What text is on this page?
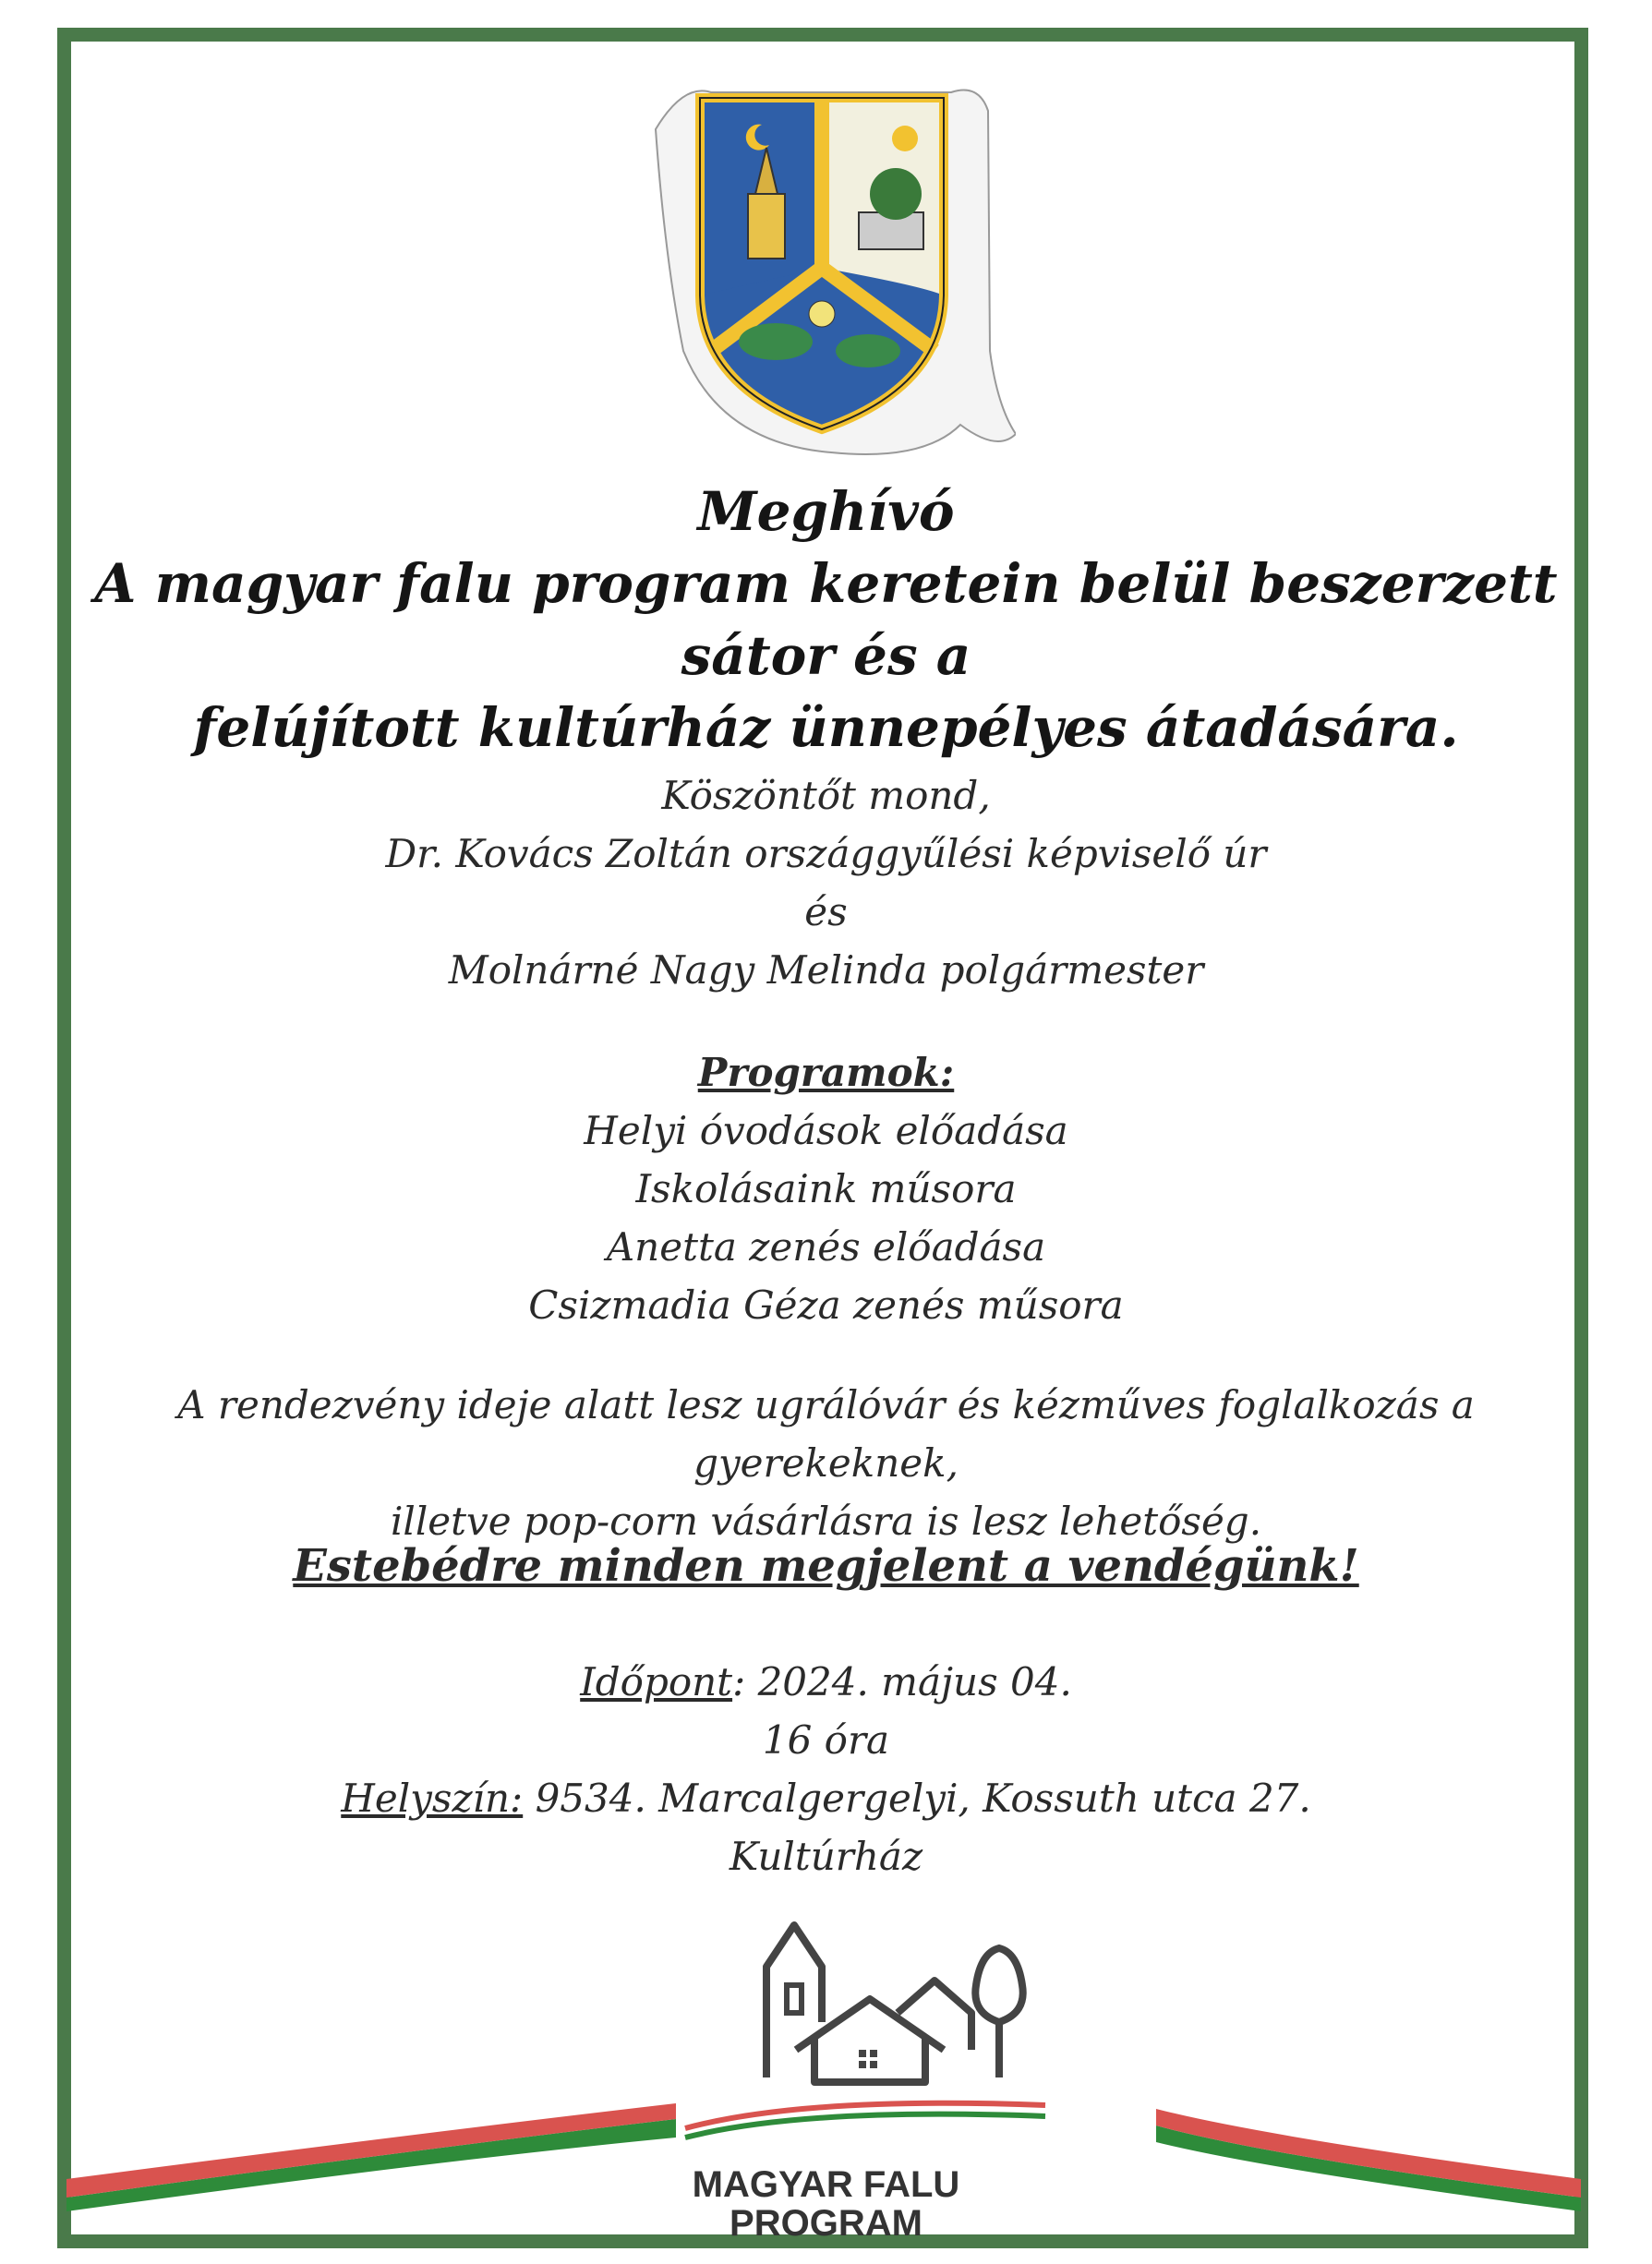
Meghívó
A magyar falu program keretein belül beszerzett sátor és a
felújított kultúrház ünnepélyes átadására.
Köszöntőt mond,
Dr. Kovács Zoltán országgyűlési képviselő úr
és
Molnárné Nagy Melinda polgármester
Programok:
Helyi óvodások előadása
Iskolásaink műsora
Anetta zenés előadása
Csizmadia Géza zenés műsora
A rendezvény ideje alatt lesz ugrálóvár és kézműves foglalkozás a gyerekeknek,
illetve pop-corn vásárlásra is lesz lehetőség.
Estebédre minden megjelent a vendégünk!
Időpont: 2024. május 04.
16 óra
Helyszín: 9534. Marcalgergelyi, Kossuth utca 27.
Kultúrház
MAGYAR FALU
PROGRAM
